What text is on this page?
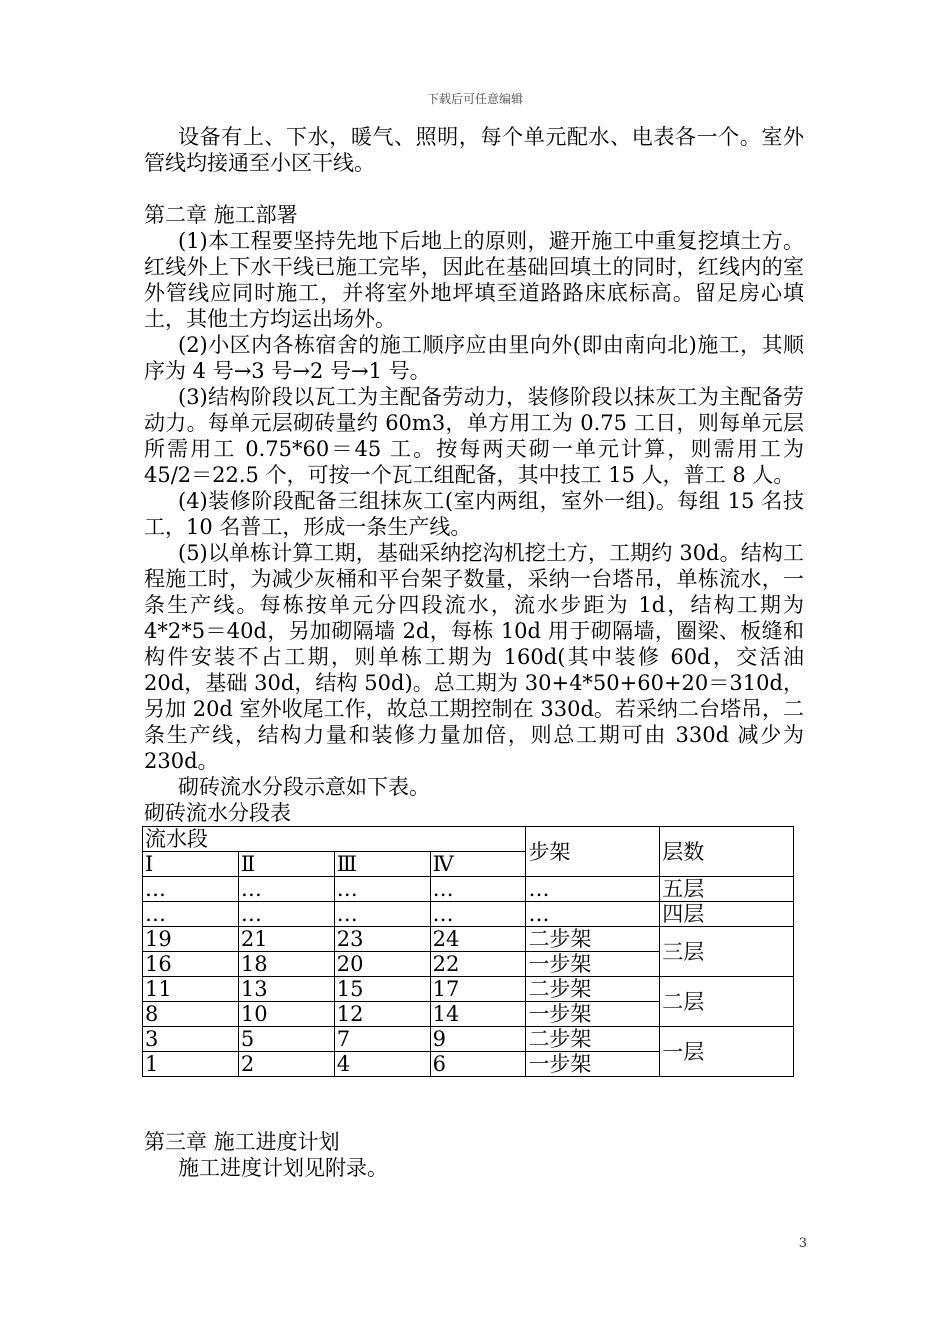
下载后可任意编辑

设备有上、下水，暖气、照明，每个单元配水、电表各一个。室外管线均接通至小区干线。

第二章 施工部署

(1)本工程要坚持先地下后地上的原则，避开施工中重复挖填土方。红线外上下水干线已施工完毕，因此在基础回填土的同时，红线内的室外管线应同时施工，并将室外地坪填至道路路床底标高。留足房心填土，其他土方均运出场外。

(2)小区内各栋宿舍的施工顺序应由里向外(即由南向北)施工，其顺序为 4 号→3 号→2 号→1 号。

(3)结构阶段以瓦工为主配备劳动力，装修阶段以抹灰工为主配备劳动力。每单元层砌砖量约 60m3，单方用工为 0.75 工日，则每单元层所需用工 0.75*60＝45 工。按每两天砌一单元计算，则需用工为 45/2＝22.5 个，可按一个瓦工组配备，其中技工 15 人，普工 8 人。

(4)装修阶段配备三组抹灰工(室内两组，室外一组)。每组 15 名技工，10 名普工，形成一条生产线。

(5)以单栋计算工期，基础采纳挖沟机挖土方，工期约 30d。结构工程施工时，为减少灰桶和平台架子数量，采纳一台塔吊，单栋流水，一条生产线。每栋按单元分四段流水，流水步距为 1d，结构工期为 4*2*5＝40d，另加砌隔墙 2d，每栋 10d 用于砌隔墙，圈梁、板缝和构件安装不占工期，则单栋工期为 160d(其中装修 60d，交活油 20d，基础 30d，结构 50d)。总工期为 30+4*50+60+20＝310d，另加 20d 室外收尾工作，故总工期控制在 330d。若采纳二台塔吊，二条生产线，结构力量和装修力量加倍，则总工期可由 330d 减少为 230d。

砌砖流水分段示意如下表。

砌砖流水分段表
流水段				步架	层数
Ⅰ	Ⅱ	Ⅲ	Ⅳ		
…	…	…	…	…	五层
…	…	…	…	…	四层
19	21	23	24	二步架	三层
16	18	20	22	一步架	
11	13	15	17	二步架	二层
8	10	12	14	一步架	
3	5	7	9	二步架	一层
1	2	4	6	一步架	
第三章 施工进度计划

施工进度计划见附录。

3
